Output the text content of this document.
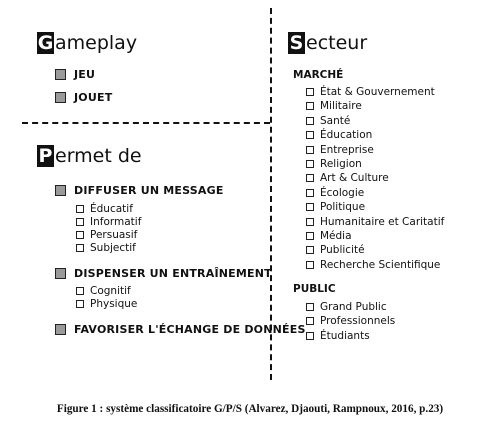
G ameplay
JEU
JOUET
P ermet de
DIFFUSER UN MESSAGE
Éducatif
Informatif
Persuasif
Subjectif
DISPENSER UN ENTRAÎNEMENT
Cognitif
Physique
FAVORISER L'ÉCHANGE DE DONNÉES
S ecteur
MARCHÉ
État & Gouvernement
Militaire
Santé
Éducation
Entreprise
Religion
Art & Culture
Écologie
Politique
Humanitaire et Caritatif
Média
Publicité
Recherche Scientifique
PUBLIC
Grand Public
Professionnels
Étudiants
Figure 1 : système classificatoire G/P/S (Alvarez, Djaouti, Rampnoux, 2016, p.23)
